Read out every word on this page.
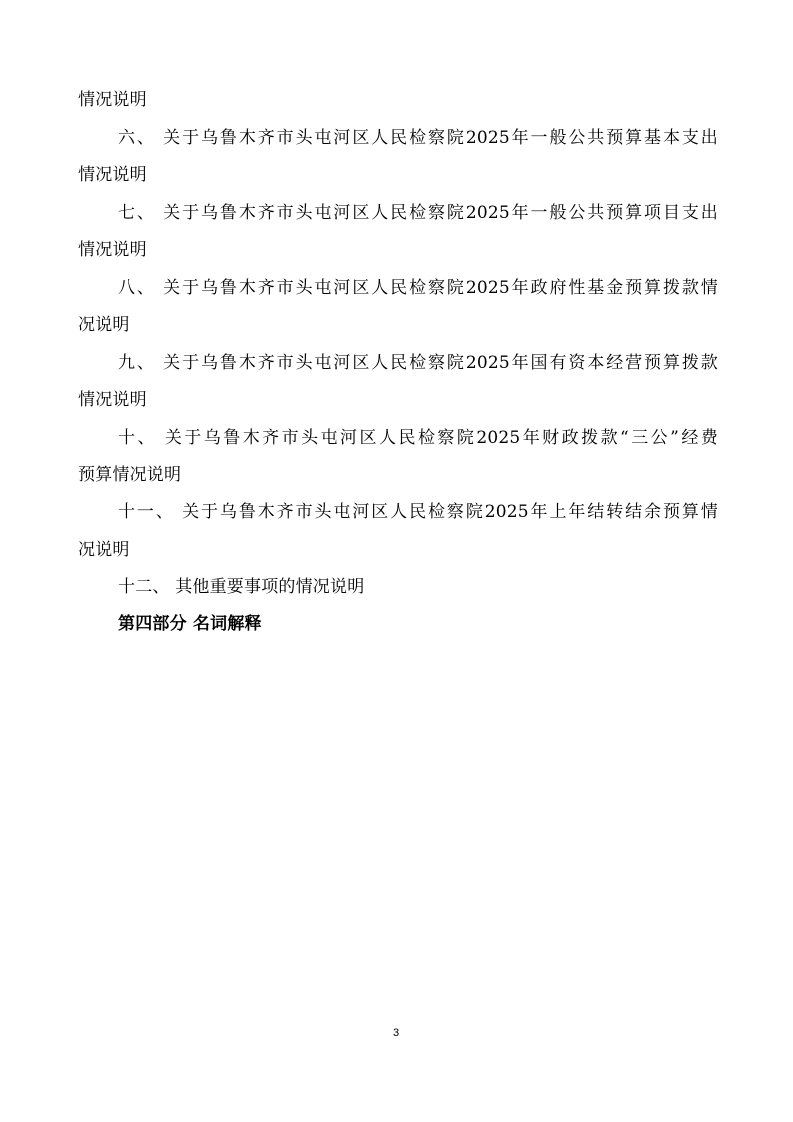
情况说明
六、 关于乌鲁木齐市头屯河区人民检察院2025年一般公共预算基本支出
情况说明
七、 关于乌鲁木齐市头屯河区人民检察院2025年一般公共预算项目支出
情况说明
八、 关于乌鲁木齐市头屯河区人民检察院2025年政府性基金预算拨款情
况说明
九、 关于乌鲁木齐市头屯河区人民检察院2025年国有资本经营预算拨款
情况说明
十、 关于乌鲁木齐市头屯河区人民检察院2025年财政拨款“三公”经费
预算情况说明
十一、 关于乌鲁木齐市头屯河区人民检察院2025年上年结转结余预算情
况说明
十二、 其他重要事项的情况说明
第四部分 名词解释
3
